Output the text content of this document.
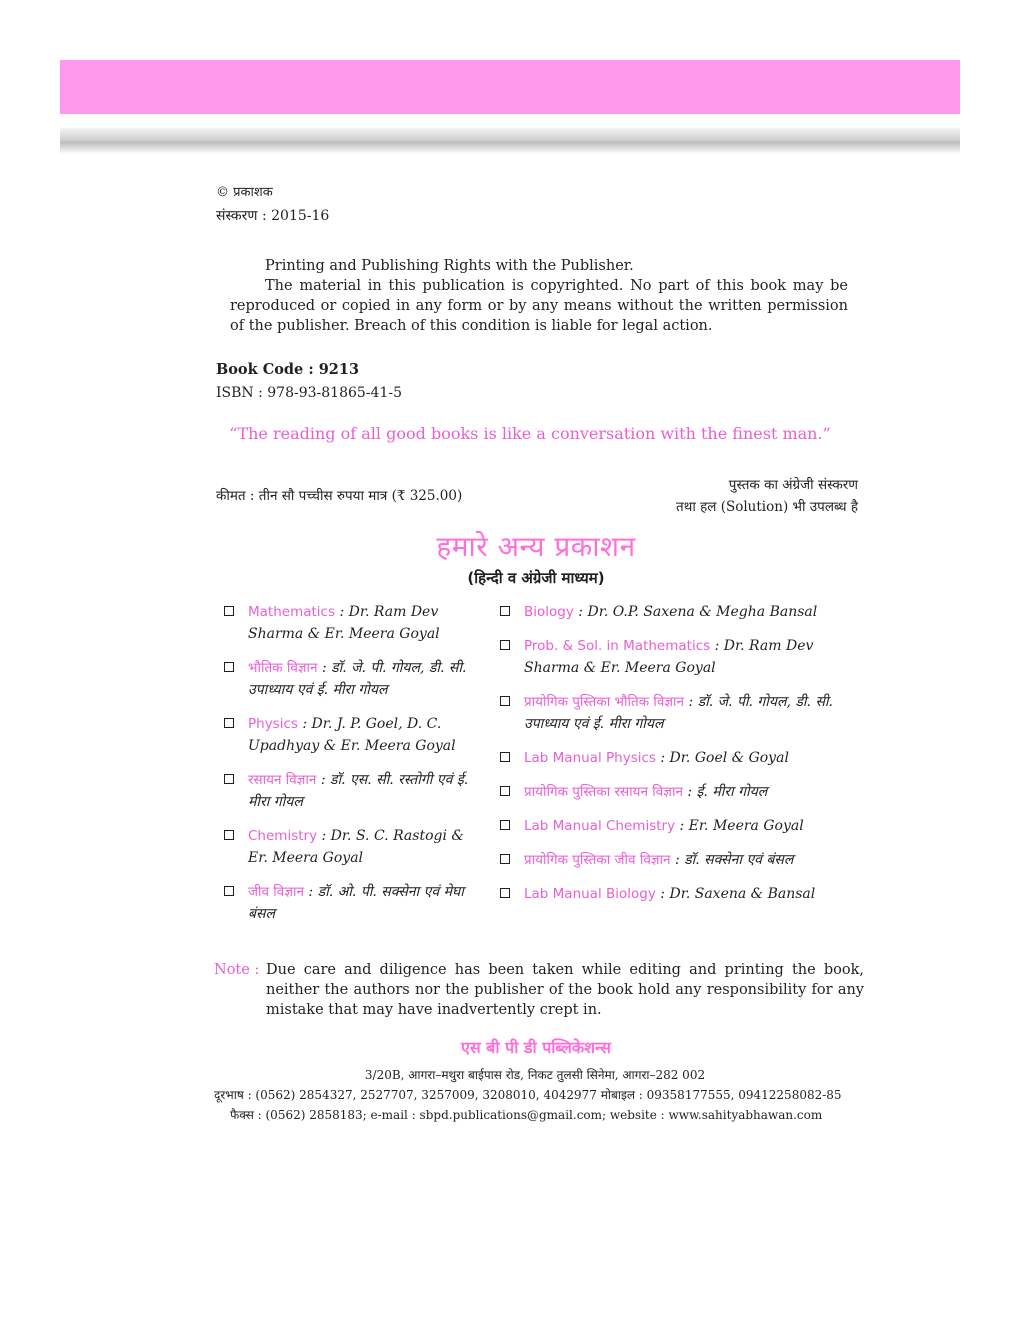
© प्रकाशक
संस्करण : 2015-16

Printing and Publishing Rights with the Publisher.

The material in this publication is copyrighted. No part of this book may be reproduced or copied in any form or by any means without the written permission of the publisher. Breach of this condition is liable for legal action.

Book Code : 9213
ISBN : 978-93-81865-41-5
“The reading of all good books is like a conversation with the finest man.”
कीमत : तीन सौ पच्चीस रुपया मात्र (₹ 325.00)
पुस्तक का अंग्रेजी संस्करण
तथा हल (Solution) भी उपलब्ध है
हमारे अन्य प्रकाशन
(हिन्दी व अंग्रेजी माध्यम)
Mathematics : Dr. Ram Dev Sharma & Er. Meera Goyal
भौतिक विज्ञान : डॉ. जे. पी. गोयल, डी. सी. उपाध्याय एवं ई. मीरा गोयल
Physics : Dr. J. P. Goel, D. C. Upadhyay & Er. Meera Goyal
रसायन विज्ञान : डॉ. एस. सी. रस्तोगी एवं ई. मीरा गोयल
Chemistry : Dr. S. C. Rastogi & Er. Meera Goyal
जीव विज्ञान : डॉ. ओ. पी. सक्सेना एवं मेघा बंसल
Biology : Dr. O.P. Saxena & Megha Bansal
Prob. & Sol. in Mathematics : Dr. Ram Dev Sharma & Er. Meera Goyal
प्रायोगिक पुस्तिका भौतिक विज्ञान : डॉ. जे. पी. गोयल, डी. सी. उपाध्याय एवं ई. मीरा गोयल
Lab Manual Physics : Dr. Goel & Goyal
प्रायोगिक पुस्तिका रसायन विज्ञान : ई. मीरा गोयल
Lab Manual Chemistry : Er. Meera Goyal
प्रायोगिक पुस्तिका जीव विज्ञान : डॉ. सक्सेना एवं बंसल
Lab Manual Biology : Dr. Saxena & Bansal
Note : Due care and diligence has been taken while editing and printing the book, neither the authors nor the publisher of the book hold any responsibility for any mistake that may have inadvertently crept in.
एस बी पी डी पब्लिकेशन्स
3/20B, आगरा–मथुरा बाईपास रोड, निकट तुलसी सिनेमा, आगरा–282 002
दूरभाष : (0562) 2854327, 2527707, 3257009, 3208010, 4042977 मोबाइल : 09358177555, 09412258082-85
फैक्स : (0562) 2858183; e-mail : sbpd.publications@gmail.com; website : www.sahityabhawan.com
